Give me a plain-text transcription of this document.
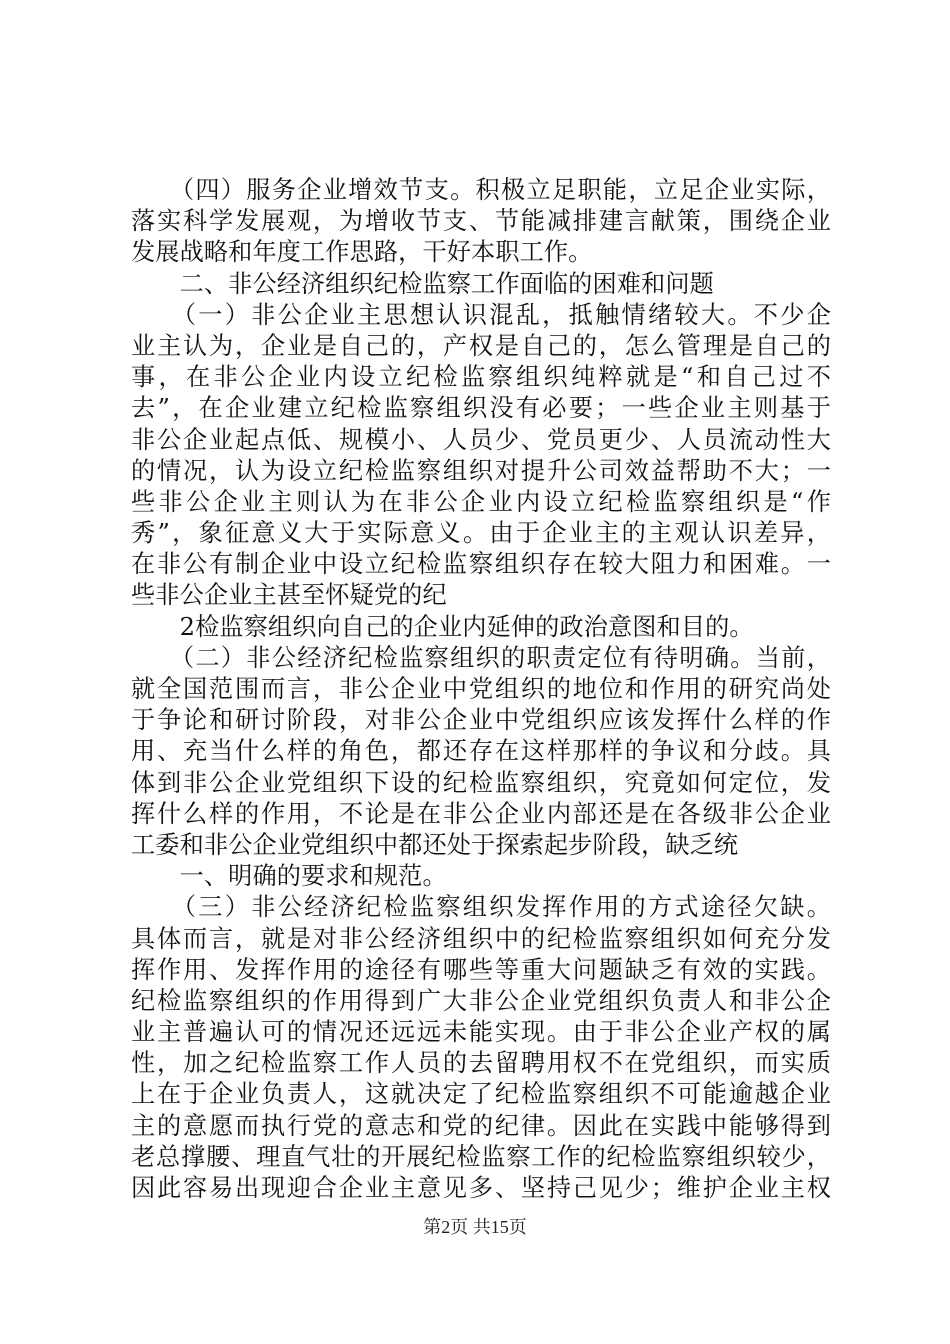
　　（四）服务企业增效节支。积极立足职能，立足企业实际，
落实科学发展观，为增收节支、节能减排建言献策，围绕企业
发展战略和年度工作思路，干好本职工作。
　　二、非公经济组织纪检监察工作面临的困难和问题
　　（一）非公企业主思想认识混乱，抵触情绪较大。不少企
业主认为，企业是自己的，产权是自己的，怎么管理是自己的
事，在非公企业内设立纪检监察组织纯粹就是“和自己过不
去”，在企业建立纪检监察组织没有必要；一些企业主则基于
非公企业起点低、规模小、人员少、党员更少、人员流动性大
的情况，认为设立纪检监察组织对提升公司效益帮助不大；一
些非公企业主则认为在非公企业内设立纪检监察组织是“作
秀”，象征意义大于实际意义。由于企业主的主观认识差异，
在非公有制企业中设立纪检监察组织存在较大阻力和困难。一
些非公企业主甚至怀疑党的纪
　　2检监察组织向自己的企业内延伸的政治意图和目的。
　　（二）非公经济纪检监察组织的职责定位有待明确。当前，
就全国范围而言，非公企业中党组织的地位和作用的研究尚处
于争论和研讨阶段，对非公企业中党组织应该发挥什么样的作
用、充当什么样的角色，都还存在这样那样的争议和分歧。具
体到非公企业党组织下设的纪检监察组织，究竟如何定位，发
挥什么样的作用，不论是在非公企业内部还是在各级非公企业
工委和非公企业党组织中都还处于探索起步阶段，缺乏统
　　一、明确的要求和规范。
　　（三）非公经济纪检监察组织发挥作用的方式途径欠缺。
具体而言，就是对非公经济组织中的纪检监察组织如何充分发
挥作用、发挥作用的途径有哪些等重大问题缺乏有效的实践。
纪检监察组织的作用得到广大非公企业党组织负责人和非公企
业主普遍认可的情况还远远未能实现。由于非公企业产权的属
性，加之纪检监察工作人员的去留聘用权不在党组织，而实质
上在于企业负责人，这就决定了纪检监察组织不可能逾越企业
主的意愿而执行党的意志和党的纪律。因此在实践中能够得到
老总撑腰、理直气壮的开展纪检监察工作的纪检监察组织较少，
因此容易出现迎合企业主意见多、坚持己见少；维护企业主权
第2页 共15页
